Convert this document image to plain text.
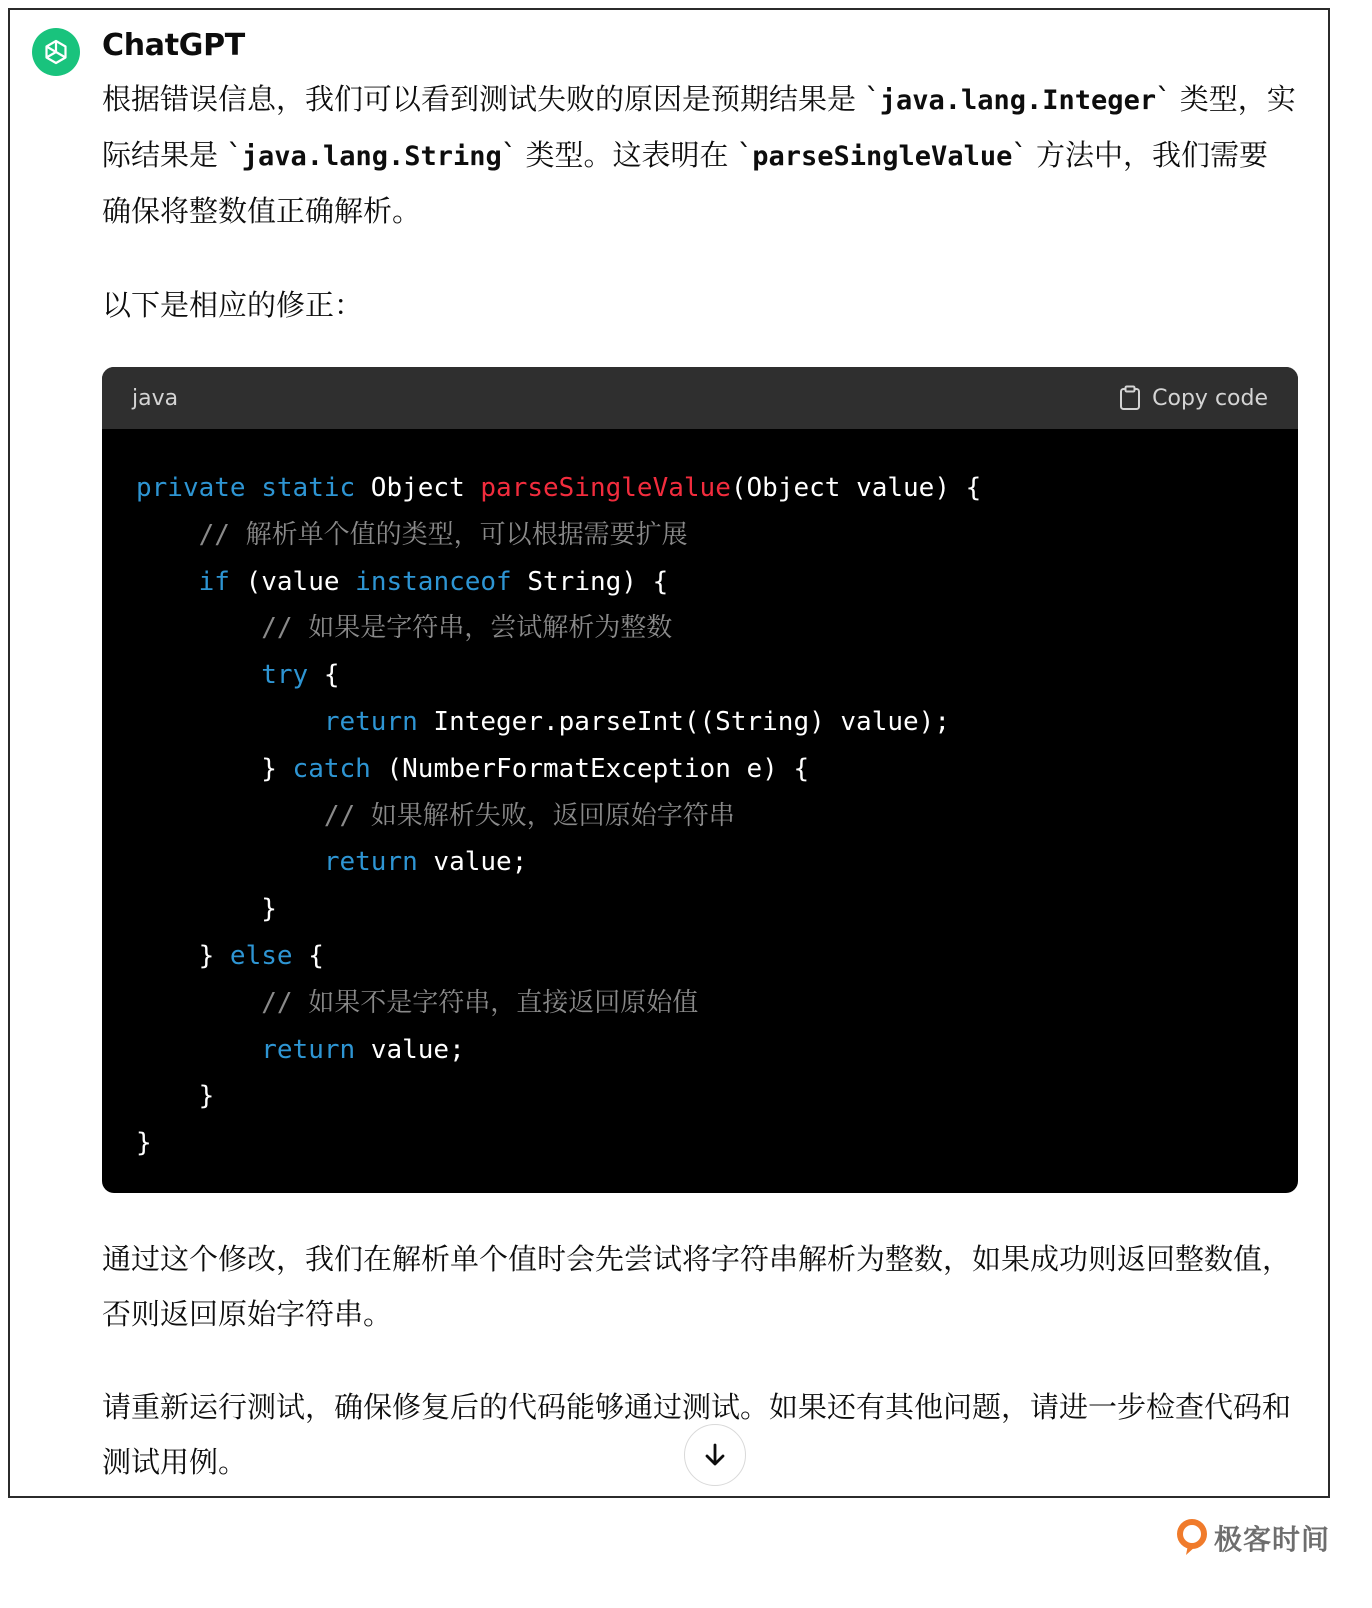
ChatGPT
根据错误信息，我们可以看到测试失败的原因是预期结果是 `java.lang.Integer` 类型，实际结果是 `java.lang.String` 类型。这表明在 `parseSingleValue` 方法中，我们需要确保将整数值正确解析。
以下是相应的修正：
java	Copy code
private static Object parseSingleValue(Object value) {
// 解析单个值的类型，可以根据需要扩展
if (value instanceof String) {
// 如果是字符串，尝试解析为整数
try {
return Integer.parseInt((String) value);
} catch (NumberFormatException e) {
// 如果解析失败，返回原始字符串
return value;
}
} else {
// 如果不是字符串，直接返回原始值
return value;
}
}
通过这个修改，我们在解析单个值时会先尝试将字符串解析为整数，如果成功则返回整数值，否则返回原始字符串。
请重新运行测试，确保修复后的代码能够通过测试。如果还有其他问题，请进一步检查代码和测试用例。
极客时间
